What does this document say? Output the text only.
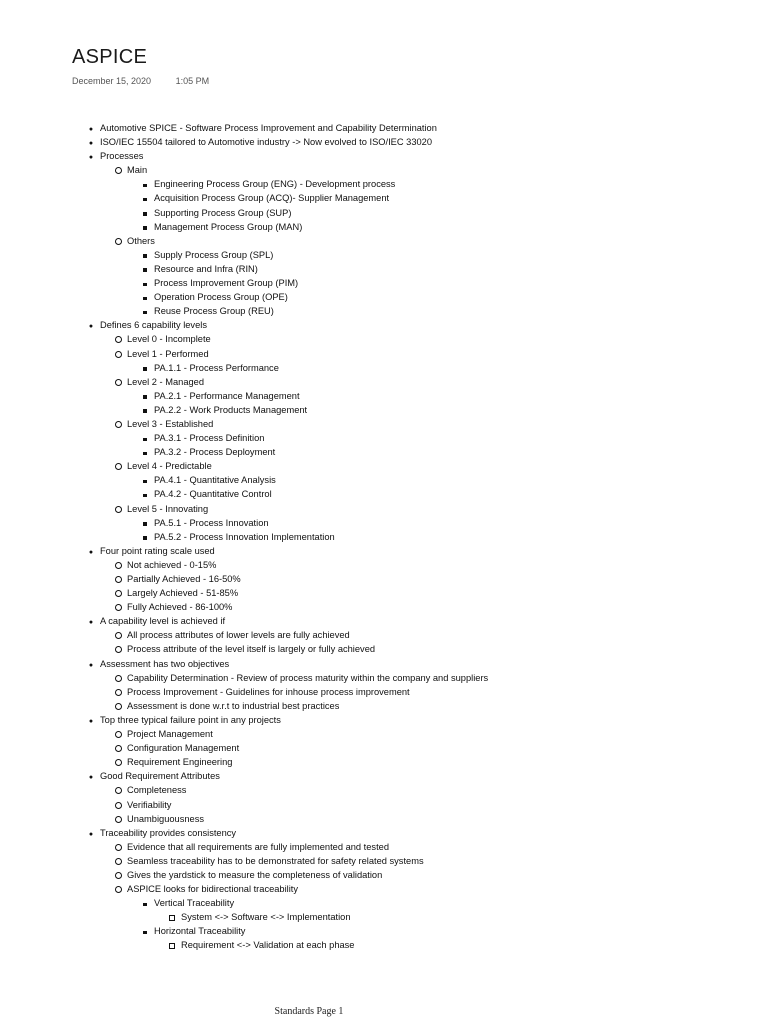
ASPICE
December 15, 2020	1:05 PM
● Automotive SPICE - Software Process Improvement and Capability Determination
● ISO/IEC 15504 tailored to Automotive industry -> Now evolved to ISO/IEC 33020
● Processes
Main
Engineering Process Group (ENG) - Development process
Acquisition Process Group (ACQ)- Supplier Management
Supporting Process Group (SUP)
Management Process Group (MAN)
Others
Supply Process Group (SPL)
Resource and Infra (RIN)
Process Improvement Group (PIM)
Operation Process Group (OPE)
Reuse Process Group (REU)
● Defines 6 capability levels
Level 0 - Incomplete
Level 1 - Performed
PA.1.1 - Process Performance
Level 2 - Managed
PA.2.1 - Performance Management
PA.2.2 - Work Products Management
Level 3 - Established
PA.3.1 - Process Definition
PA.3.2 - Process Deployment
Level 4 - Predictable
PA.4.1 - Quantitative Analysis
PA.4.2 - Quantitative Control
Level 5 - Innovating
PA.5.1 - Process Innovation
PA.5.2 - Process Innovation Implementation
● Four point rating scale used
Not achieved - 0-15%
Partially Achieved - 16-50%
Largely Achieved - 51-85%
Fully Achieved - 86-100%
● A capability level is achieved if
All process attributes of lower levels are fully achieved
Process attribute of the level itself is largely or fully achieved
● Assessment has two objectives
Capability Determination - Review of process maturity within the company and suppliers
Process Improvement - Guidelines for inhouse process improvement
Assessment is done w.r.t to industrial best practices
● Top three typical failure point in any projects
Project Management
Configuration Management
Requirement Engineering
● Good Requirement Attributes
Completeness
Verifiability
Unambiguousness
● Traceability provides consistency
Evidence that all requirements are fully implemented and tested
Seamless traceability has to be demonstrated for safety related systems
Gives the yardstick to measure the completeness of validation
ASPICE looks for bidirectional traceability
Vertical Traceability
System <-> Software <-> Implementation
Horizontal Traceability
Requirement <-> Validation at each phase
Standards Page 1
